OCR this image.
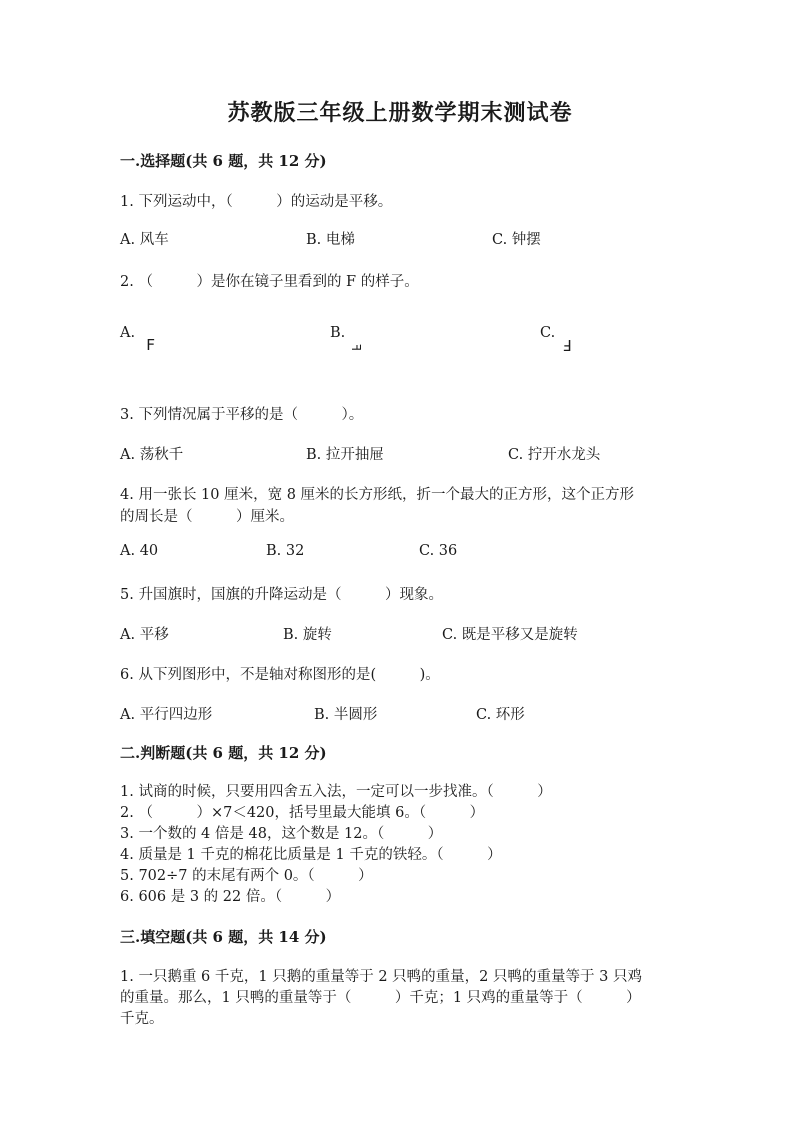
苏教版三年级上册数学期末测试卷
一.选择题(共 6 题，共 12 分)
1. 下列运动中，（　　　）的运动是平移。
A. 风车	B. 电梯	C. 钟摆
2. （　　　）是你在镜子里看到的 F 的样子。
A.
F
B.
F
C.
F
3. 下列情况属于平移的是（　　　）。
A. 荡秋千	B. 拉开抽屉	C. 拧开水龙头
4. 用一张长 10 厘米，宽 8 厘米的长方形纸，折一个最大的正方形，这个正方形
的周长是（　　　）厘米。
A. 40	B. 32	C. 36
5. 升国旗时，国旗的升降运动是（　　　）现象。
A. 平移	B. 旋转	C. 既是平移又是旋转
6. 从下列图形中，不是轴对称图形的是(　　　)。
A. 平行四边形	B. 半圆形	C. 环形
二.判断题(共 6 题，共 12 分)
1. 试商的时候，只要用四舍五入法，一定可以一步找准。（　　　）
2. （　　　）×7＜420，括号里最大能填 6。（　　　）
3. 一个数的 4 倍是 48，这个数是 12。（　　　）
4. 质量是 1 千克的棉花比质量是 1 千克的铁轻。（　　　）
5. 702÷7 的末尾有两个 0。（　　　）
6. 606 是 3 的 22 倍。（　　　）
三.填空题(共 6 题，共 14 分)
1. 一只鹅重 6 千克，1 只鹅的重量等于 2 只鸭的重量，2 只鸭的重量等于 3 只鸡
的重量。那么，1 只鸭的重量等于（　　　）千克；1 只鸡的重量等于（　　　）
千克。
